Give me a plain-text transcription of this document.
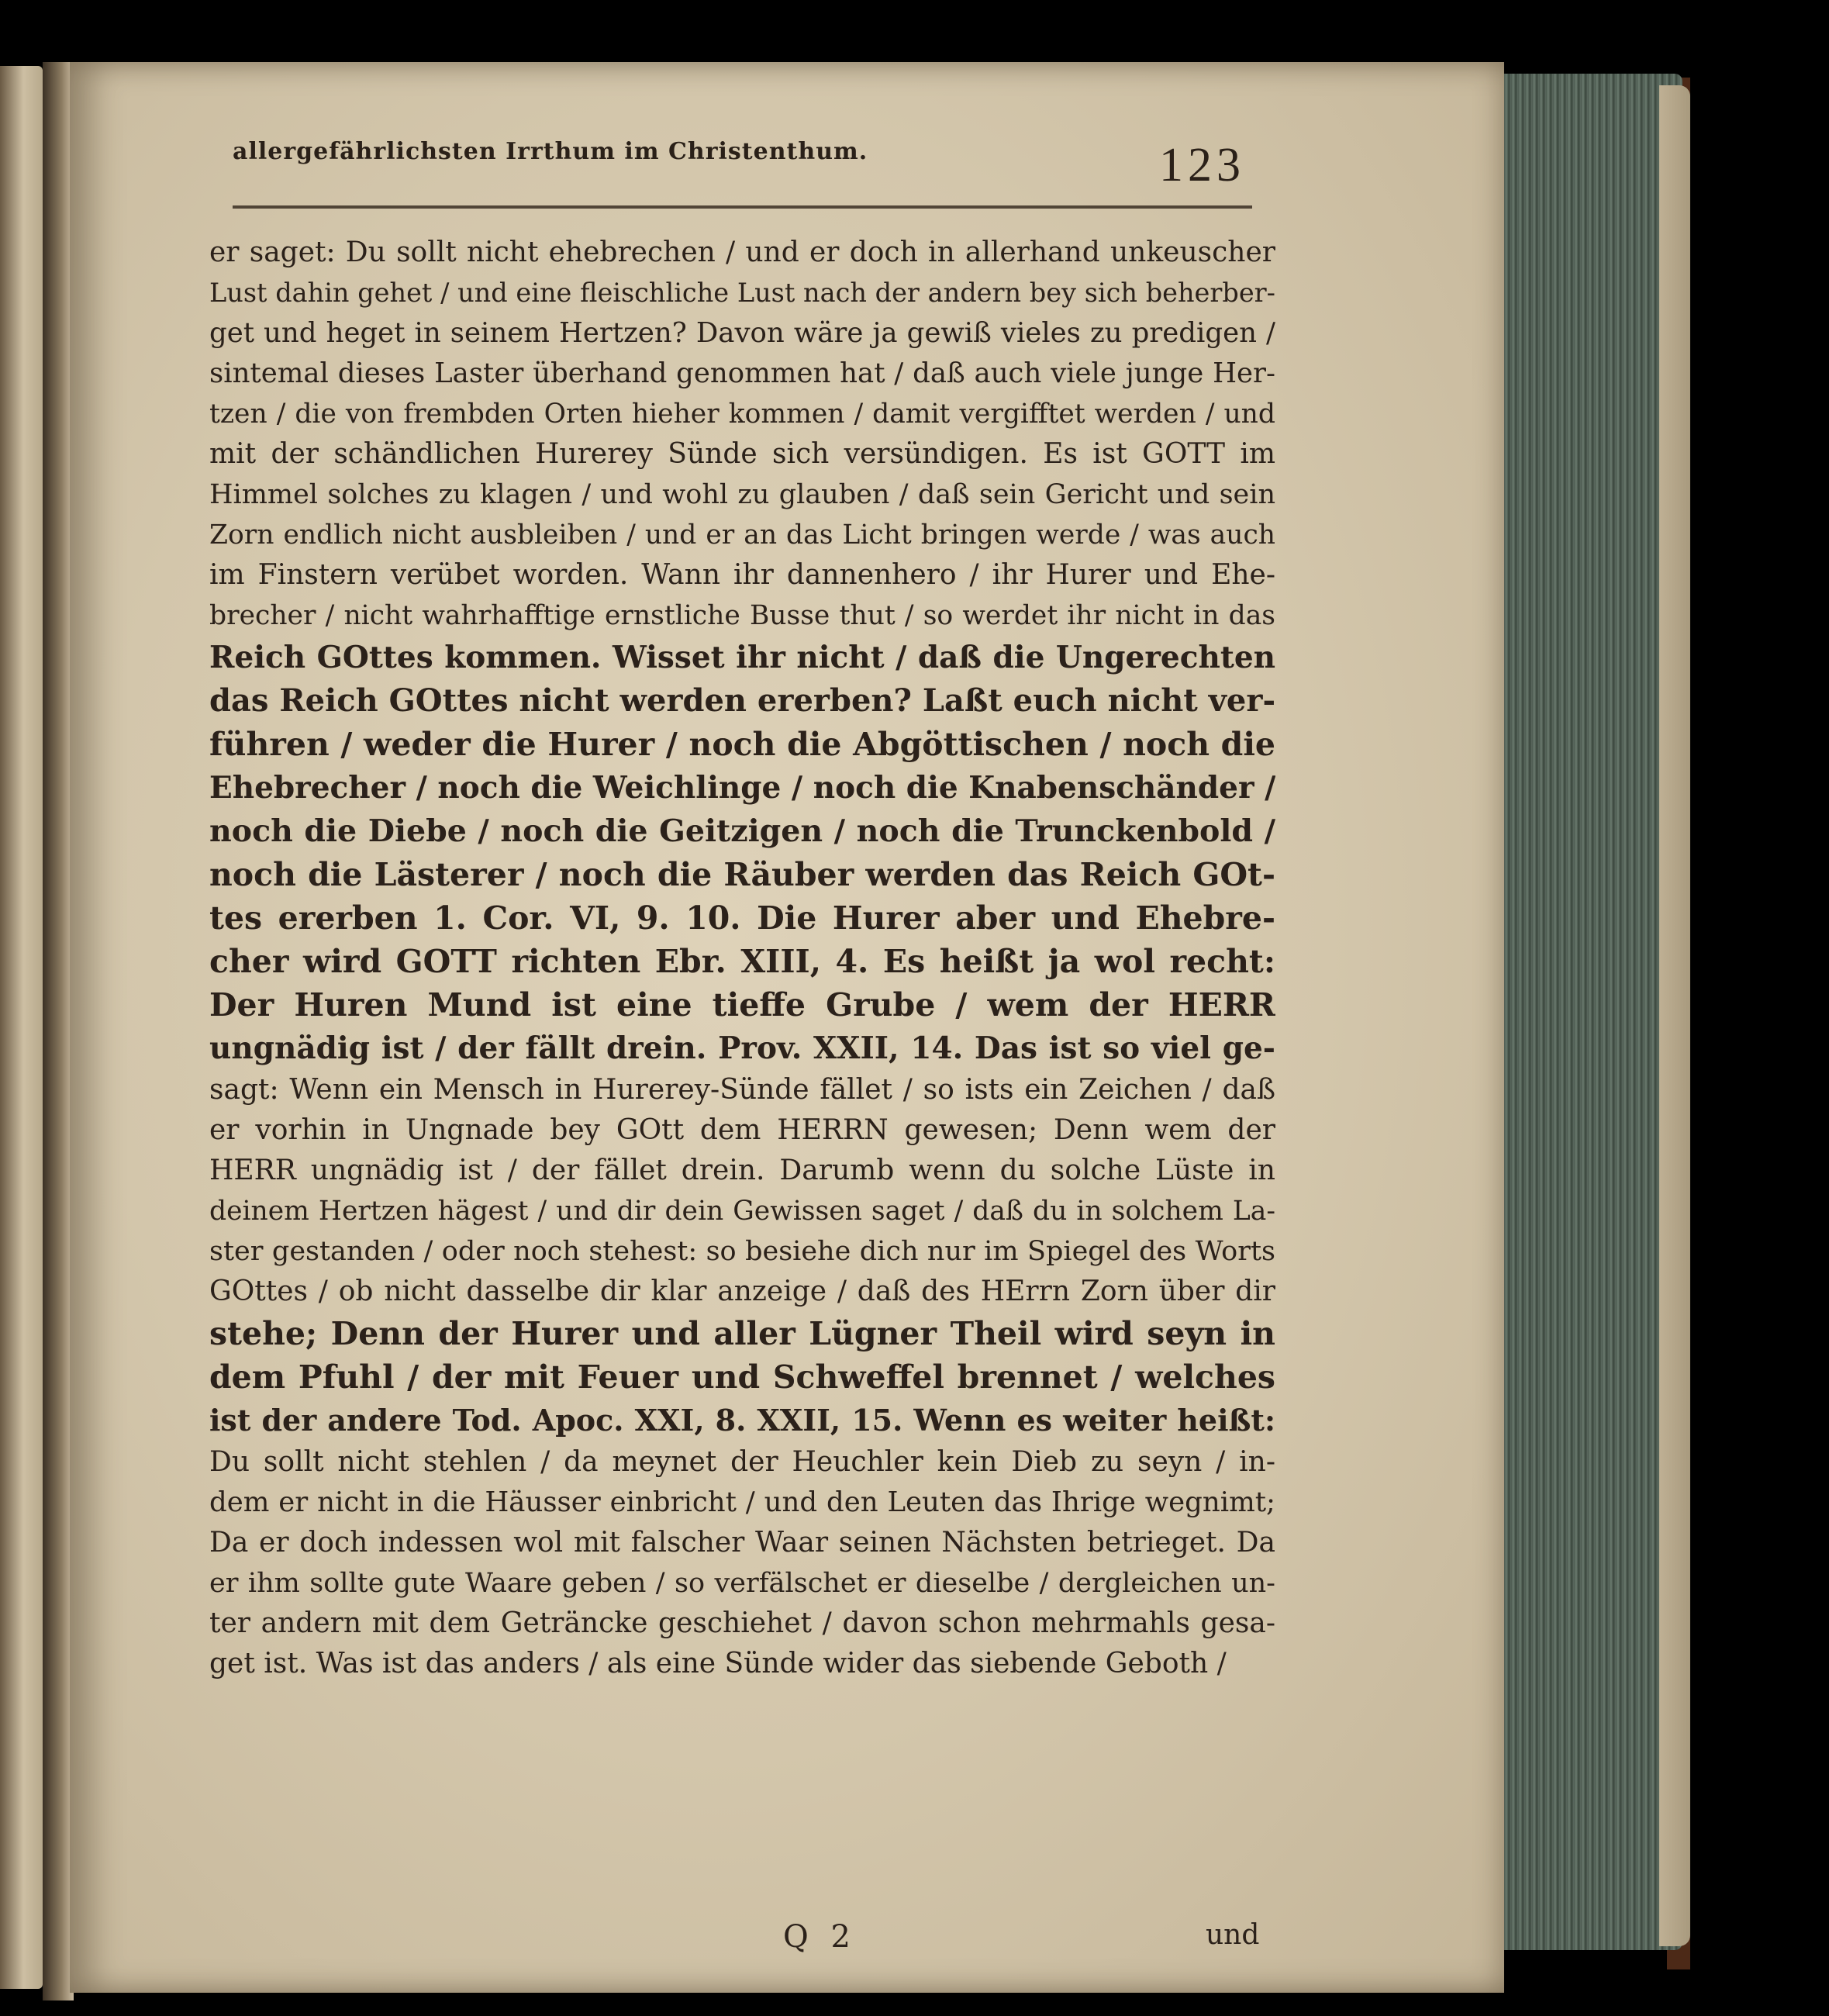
allergefährlichsten Irrthum im Christenthum.	123
er saget: Du sollt nicht ehebrechen / und er doch in allerhand unkeuscher
Lust dahin gehet / und eine fleischliche Lust nach der andern bey sich beherber-
get und heget in seinem Hertzen? Davon wäre ja gewiß vieles zu predigen /
sintemal dieses Laster überhand genommen hat / daß auch viele junge Her-
tzen / die von frembden Orten hieher kommen / damit vergifftet werden / und
mit der schändlichen Hurerey Sünde sich versündigen. Es ist GOTT im
Himmel solches zu klagen / und wohl zu glauben / daß sein Gericht und sein
Zorn endlich nicht ausbleiben / und er an das Licht bringen werde / was auch
im Finstern verübet worden. Wann ihr dannenhero / ihr Hurer und Ehe-
brecher / nicht wahrhafftige ernstliche Busse thut / so werdet ihr nicht in das
Reich GOttes kommen. Wisset ihr nicht / daß die Ungerechten
das Reich GOttes nicht werden ererben? Laßt euch nicht ver-
führen / weder die Hurer / noch die Abgöttischen / noch die
Ehebrecher / noch die Weichlinge / noch die Knabenschänder /
noch die Diebe / noch die Geitzigen / noch die Trunckenbold /
noch die Lästerer / noch die Räuber werden das Reich GOt-
tes ererben 1. Cor. VI, 9. 10. Die Hurer aber und Ehebre-
cher wird GOTT richten Ebr. XIII, 4. Es heißt ja wol recht:
Der Huren Mund ist eine tieffe Grube / wem der HERR
ungnädig ist / der fällt drein. Prov. XXII, 14. Das ist so viel ge-
sagt: Wenn ein Mensch in Hurerey-Sünde fället / so ists ein Zeichen / daß
er vorhin in Ungnade bey GOtt dem HERRN gewesen; Denn wem der
HERR ungnädig ist / der fället drein. Darumb wenn du solche Lüste in
deinem Hertzen hägest / und dir dein Gewissen saget / daß du in solchem La-
ster gestanden / oder noch stehest: so besiehe dich nur im Spiegel des Worts
GOttes / ob nicht dasselbe dir klar anzeige / daß des HErrn Zorn über dir
stehe; Denn der Hurer und aller Lügner Theil wird seyn in
dem Pfuhl / der mit Feuer und Schweffel brennet / welches
ist der andere Tod. Apoc. XXI, 8. XXII, 15. Wenn es weiter heißt:
Du sollt nicht stehlen / da meynet der Heuchler kein Dieb zu seyn / in-
dem er nicht in die Häusser einbricht / und den Leuten das Ihrige wegnimt;
Da er doch indessen wol mit falscher Waar seinen Nächsten betrieget. Da
er ihm sollte gute Waare geben / so verfälschet er dieselbe / dergleichen un-
ter andern mit dem Geträncke geschiehet / davon schon mehrmahls gesa-
get ist. Was ist das anders / als eine Sünde wider das siebende Geboth /
Q 2	und
